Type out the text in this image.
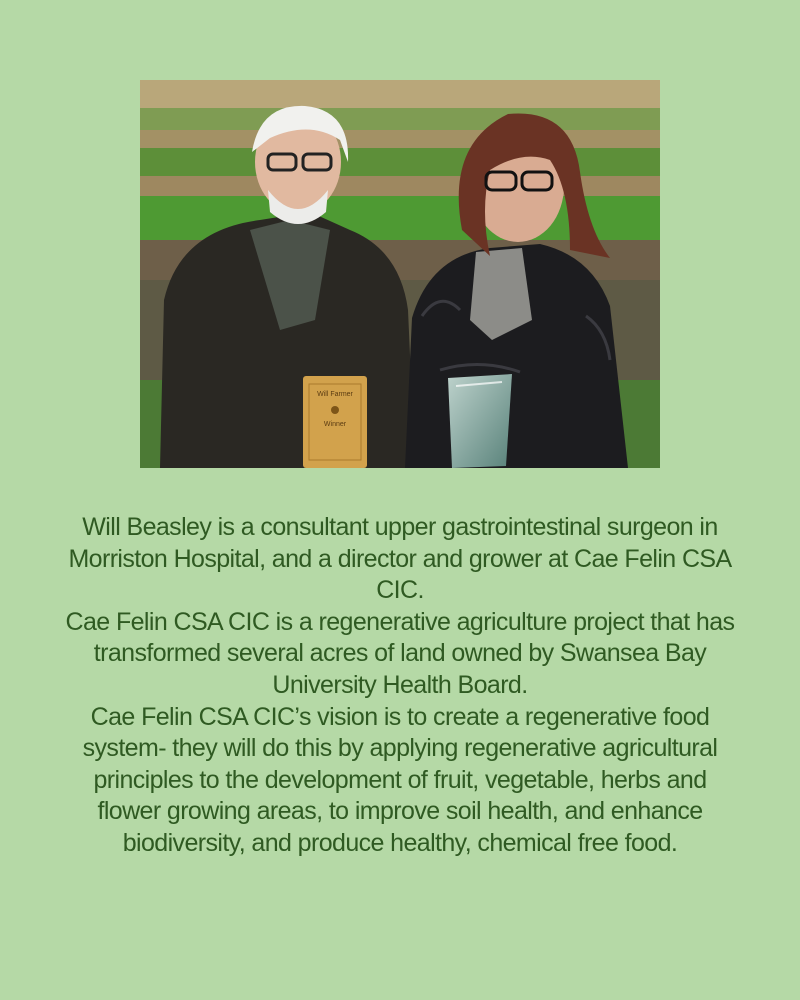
Will Farmer
Winner

Will Beasley is a consultant upper gastrointestinal surgeon in Morriston Hospital, and a director and grower at Cae Felin CSA CIC.

Cae Felin CSA CIC is a regenerative agriculture project that has transformed several acres of land owned by Swansea Bay University Health Board.

Cae Felin CSA CIC’s vision is to create a regenerative food system- they will do this by applying regenerative agricultural principles to the development of fruit, vegetable, herbs and flower growing areas, to improve soil health, and enhance biodiversity, and produce healthy, chemical free food.
